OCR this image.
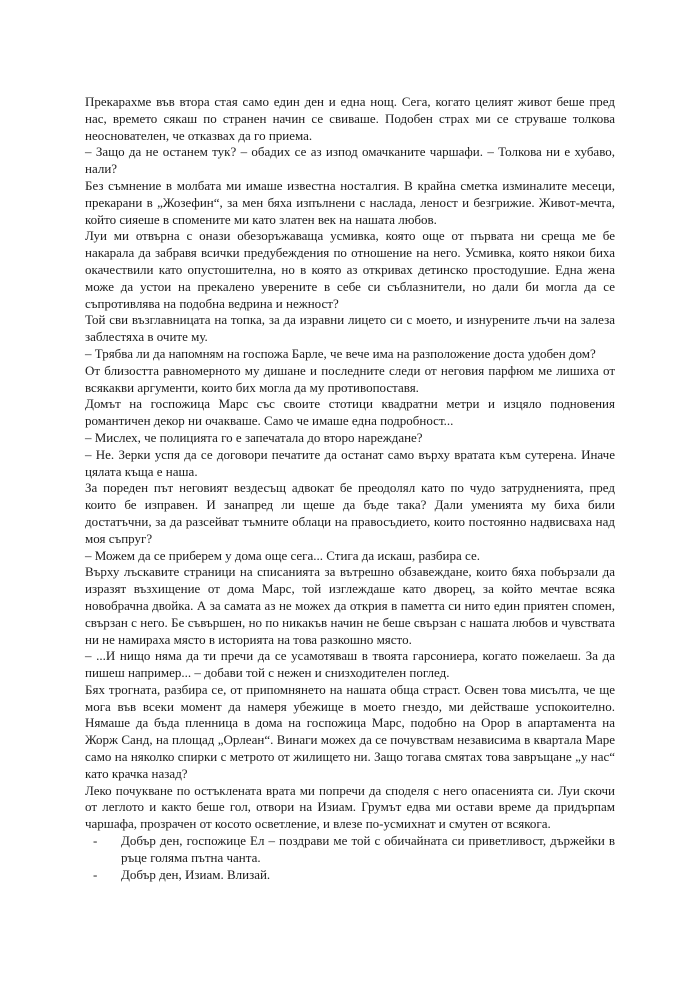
Прекарахме във втора стая само един ден и една нощ. Сега, когато целият живот беше пред нас, времето сякаш по странен начин се свиваше. Подобен страх ми се струваше толкова неоснователен, че отказвах да го приема.

– Защо да не останем тук? – обадих се аз изпод омачканите чаршафи. – Толкова ни е хубаво, нали?

Без съмнение в молбата ми имаше известна носталгия. В крайна сметка изминалите месеци, прекарани в „Жозефин“, за мен бяха изпълнени с наслада, леност и безгрижие. Живот-мечта, който сияеше в спомените ми като златен век на нашата любов.

Луи ми отвърна с онази обезоръжаваща усмивка, която още от първата ни среща ме бе накарала да забравя всички предубеждения по отношение на него. Усмивка, която някои биха окачествили като опустошителна, но в която аз откривах детинско простодушие. Една жена може да устои на прекалено уверените в себе си съблазнители, но дали би могла да се съпротивлява на подобна ведрина и нежност?

Той сви възглавницата на топка, за да изравни лицето си с моето, и изнурените лъчи на залеза заблестяха в очите му.

– Трябва ли да напомням на госпожа Барле, че вече има на разположение доста удобен дом?

От близостта равномерното му дишане и последните следи от неговия парфюм ме лишиха от всякакви аргументи, които бих могла да му противопоставя.

Домът на госпожица Марс със своите стотици квадратни метри и изцяло подновения романтичен декор ни очакваше. Само че имаше една подробност...

– Мислех, че полицията го е запечатала до второ нареждане?

– Не. Зерки успя да се договори печатите да останат само върху вратата към сутерена. Иначе цялата къща е наша.

За пореден път неговият вездесъщ адвокат бе преодолял като по чудо затрудненията, пред които бе изправен. И занапред ли щеше да бъде така? Дали уменията му биха били достатъчни, за да разсейват тъмните облаци на правосъдието, които постоянно надвисваха над моя съпруг?

– Можем да се приберем у дома още сега... Стига да искаш, разбира се.

Върху лъскавите страници на списанията за вътрешно обзавеждане, които бяха побързали да изразят възхищение от дома Марс, той изглеждаше като дворец, за който мечтае всяка новобрачна двойка. А за самата аз не можех да открия в паметта си нито един приятен спомен, свързан с него. Бе съвършен, но по никакъв начин не беше свързан с нашата любов и чувствата ни не намираха място в историята на това разкошно място.

– ...И нищо няма да ти пречи да се усамотяваш в твоята гарсониера, когато пожелаеш. За да пишеш например... – добави той с нежен и снизходителен поглед.

Бях трогната, разбира се, от припомнянето на нашата обща страст. Освен това мисълта, че ще мога във всеки момент да намеря убежище в моето гнездо, ми действаше успокоително. Нямаше да бъда пленница в дома на госпожица Марс, подобно на Орор в апартамента на Жорж Санд, на площад „Орлеан“. Винаги можех да се почувствам независима в квартала Маре само на няколко спирки с метрото от жилището ни. Защо тогава смятах това завръщане „у нас“ като крачка назад?

Леко почукване по остъклената врата ми попречи да споделя с него опасенията си. Луи скочи от леглото и както беше гол, отвори на Изиам. Грумът едва ми остави време да придърпам чаршафа, прозрачен от косото осветление, и влезе по-усмихнат и смутен от всякога.

- Добър ден, госпожице Ел – поздрави ме той с обичайната си приветливост, държейки в ръце голяма пътна чанта.
- Добър ден, Изиам. Влизай.
